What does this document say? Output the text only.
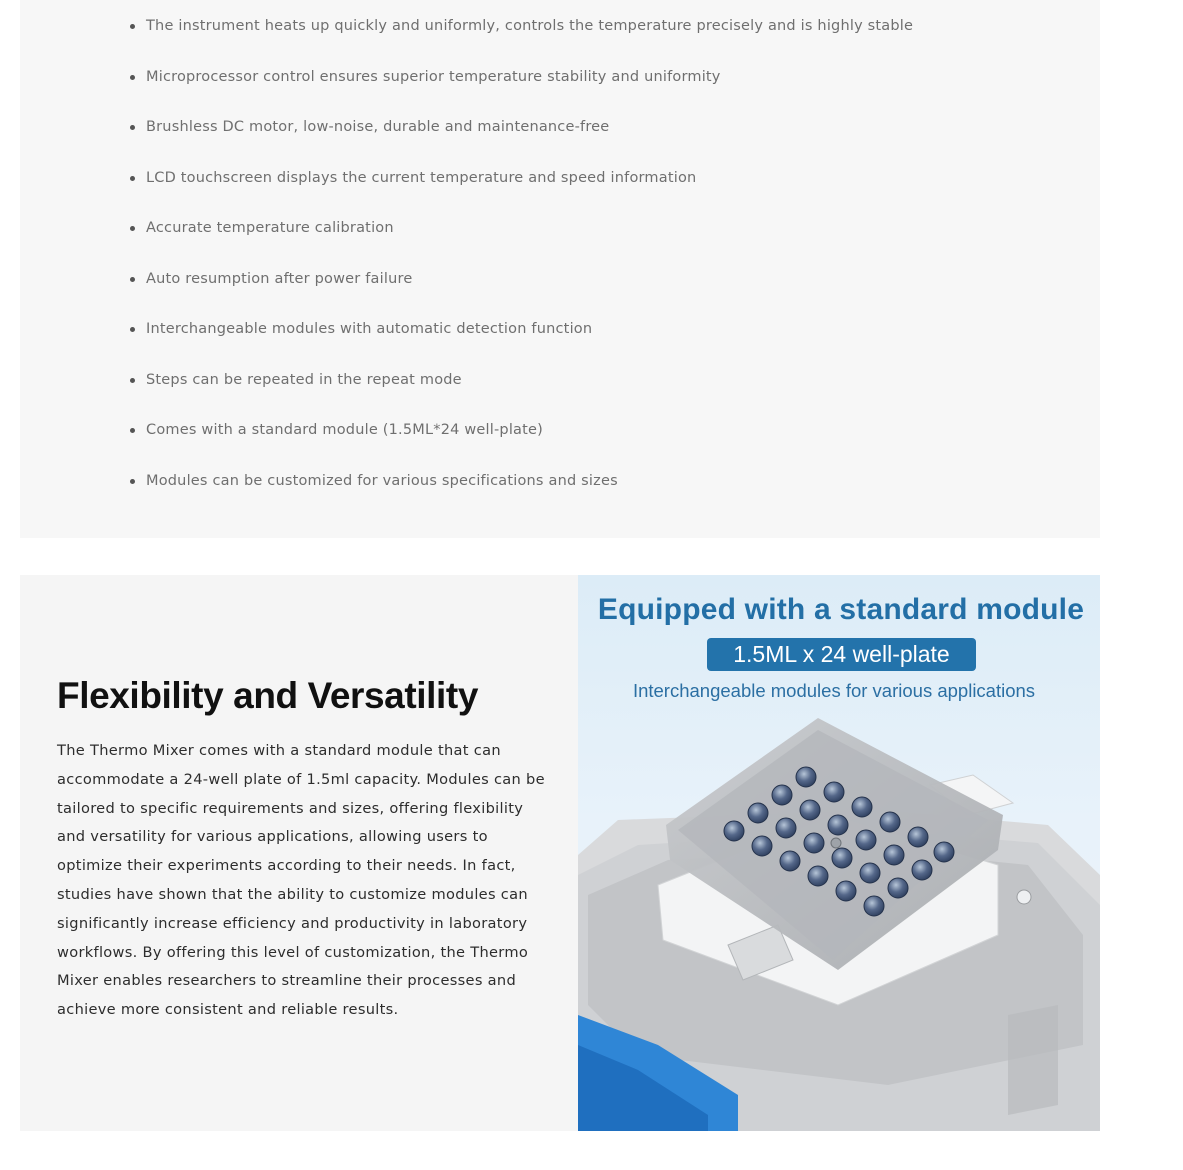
The instrument heats up quickly and uniformly, controls the temperature precisely and is highly stable
Microprocessor control ensures superior temperature stability and uniformity
Brushless DC motor, low-noise, durable and maintenance-free
LCD touchscreen displays the current temperature and speed information
Accurate temperature calibration
Auto resumption after power failure
Interchangeable modules with automatic detection function
Steps can be repeated in the repeat mode
Comes with a standard module (1.5ML*24 well-plate)
Modules can be customized for various specifications and sizes
Flexibility and Versatility

The Thermo Mixer comes with a standard module that can accommodate a 24-well plate of 1.5ml capacity. Modules can be tailored to specific requirements and sizes, offering flexibility and versatility for various applications, allowing users to optimize their experiments according to their needs. In fact, studies have shown that the ability to customize modules can significantly increase efficiency and productivity in laboratory workflows. By offering this level of customization, the Thermo Mixer enables researchers to streamline their processes and achieve more consistent and reliable results.

Equipped with a standard module
1.5ML x 24 well-plate
Interchangeable modules for various applications
